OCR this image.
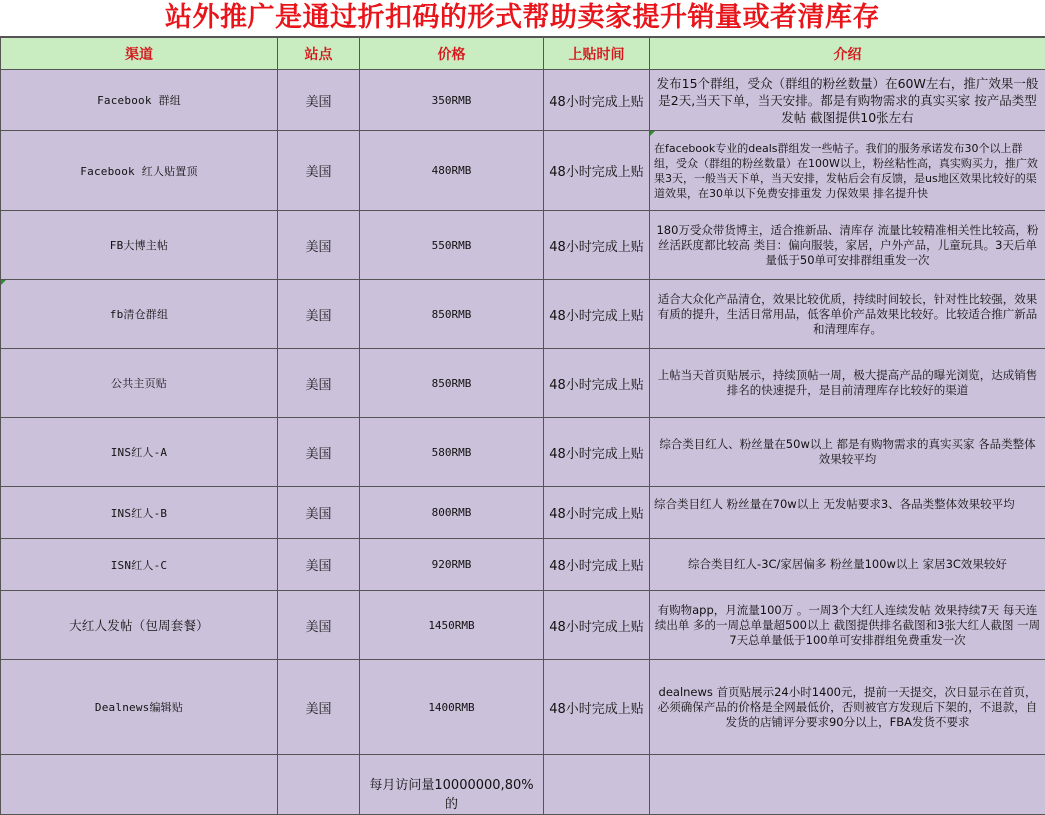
站外推广是通过折扣码的形式帮助卖家提升销量或者清库存
渠道	站点	价格	上贴时间	介绍
Facebook 群组	美国	350RMB	48小时完成上贴	发布15个群组，受众（群组的粉丝数量）在60W左右，推广效果一般是2天,当天下单，当天安排。都是有购物需求的真实买家 按产品类型发帖 截图提供10张左右
Facebook 红人贴置顶	美国	480RMB	48小时完成上贴	在facebook专业的deals群组发一些帖子。我们的服务承诺发布30个以上群组，受众（群组的粉丝数量）在100W以上，粉丝粘性高，真实购买力，推广效果3天，一般当天下单，当天安排，发帖后会有反馈，是us地区效果比较好的渠道效果，在30单以下免费安排重发 力保效果 排名提升快
FB大博主帖	美国	550RMB	48小时完成上贴	180万受众带货博主，适合推新品、清库存 流量比较精准相关性比较高，粉丝活跃度都比较高 类目：偏向服装，家居，户外产品，儿童玩具。3天后单量低于50单可安排群组重发一次
fb清仓群组	美国	850RMB	48小时完成上贴	适合大众化产品清仓，效果比较优质，持续时间较长，针对性比较强，效果有质的提升，生活日常用品，低客单价产品效果比较好。比较适合推广新品和清理库存。
公共主页贴	美国	850RMB	48小时完成上贴	上帖当天首页贴展示，持续顶帖一周，极大提高产品的曝光浏览，达成销售排名的快速提升，是目前清理库存比较好的渠道
INS红人-A	美国	580RMB	48小时完成上贴	综合类目红人、粉丝量在50w以上 都是有购物需求的真实买家 各品类整体效果较平均
INS红人-B	美国	800RMB	48小时完成上贴	综合类目红人 粉丝量在70w以上 无发帖要求3、各品类整体效果较平均
ISN红人-C	美国	920RMB	48小时完成上贴	综合类目红人-3C/家居偏多 粉丝量100w以上 家居3C效果较好
大红人发帖（包周套餐）	美国	1450RMB	48小时完成上贴	有购物app，月流量100万 。一周3个大红人连续发帖 效果持续7天 每天连续出单 多的一周总单量超500以上 截图提供排名截图和3张大红人截图 一周7天总单量低于100单可安排群组免费重发一次
Dealnews编辑贴	美国	1400RMB	48小时完成上贴	dealnews 首页贴展示24小时1400元，提前一天提交，次日显示在首页，必须确保产品的价格是全网最低价，否则被官方发现后下架的，不退款，自发货的店铺评分要求90分以上，FBA发货不要求
		每月访问量10000000,80%的		
